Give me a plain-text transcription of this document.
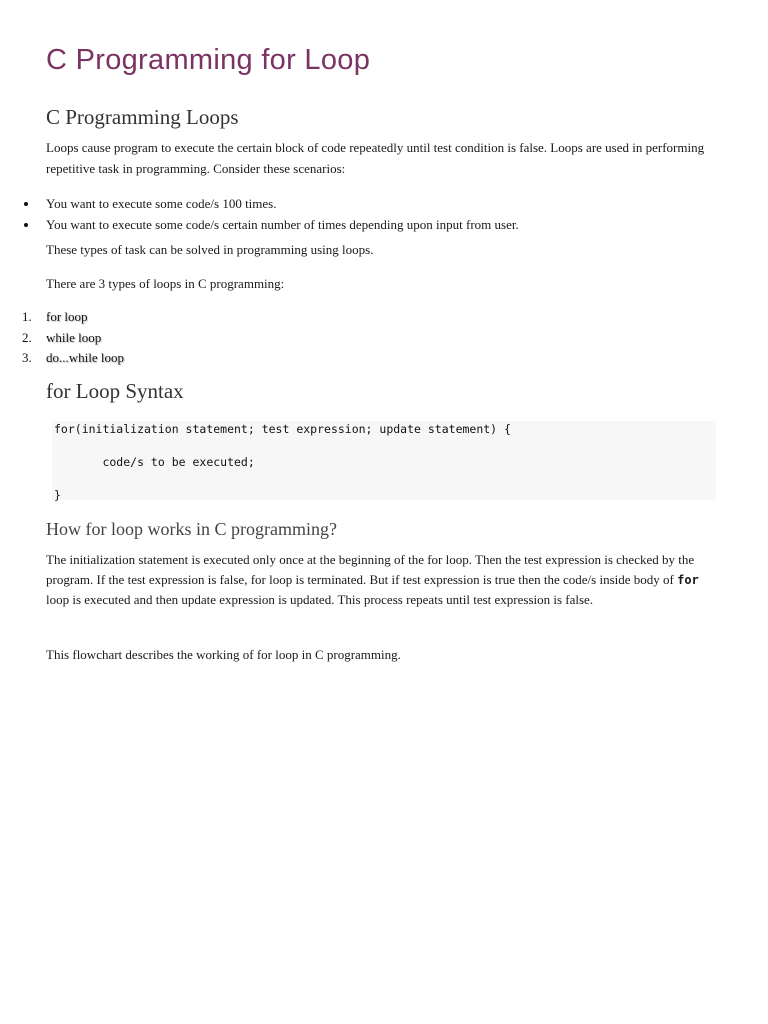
C Programming for Loop
C Programming Loops

Loops cause program to execute the certain block of code repeatedly until test condition is false. Loops are used in performing repetitive task in programming. Consider these scenarios:

You want to execute some code/s 100 times.
You want to execute some code/s certain number of times depending upon input from user.

These types of task can be solved in programming using loops.

There are 3 types of loops in C programming:

1. for loop
2. while loop
3. do...while loop
for Loop Syntax
for(initialization statement; test expression; update statement) {
code/s to be executed;
}
How for loop works in C programming?

The initialization statement is executed only once at the beginning of the for loop. Then the test expression is checked by the program. If the test expression is false, for loop is terminated. But if test expression is true then the code/s inside body of for loop is executed and then update expression is updated. This process repeats until test expression is false.

This flowchart describes the working of for loop in C programming.
